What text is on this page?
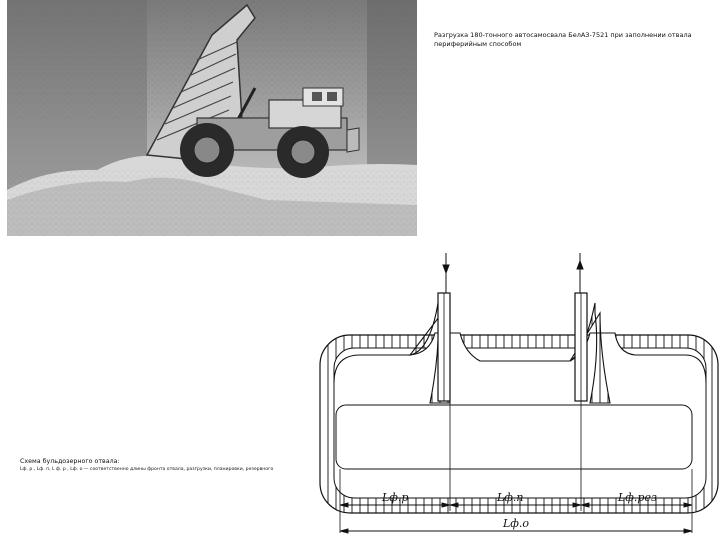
Разгрузка 180-тонного автосамосвала БелАЗ-7521 при заполнении отвала периферийным способом
Схема бульдозерного отвала:
Lф. р , Lф. п, L ф. р , Lф. о — соответственно длины фронта отвала, разгрузки, планировки, резервного
Lф.р	Lф.п	Lф.рез
Lф.о
